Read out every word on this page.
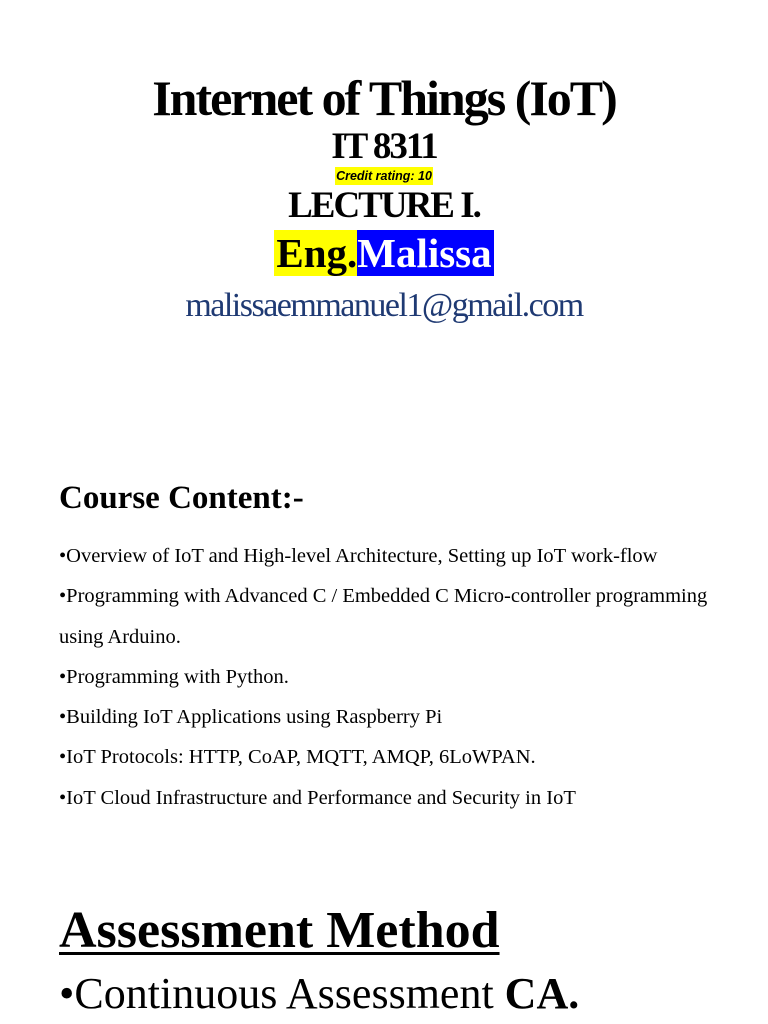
Internet of Things (IoT)
IT 8311
Credit rating: 10
LECTURE I.
Eng.Malissa
malissaemmanuel1@gmail.com
Course Content:-
•Overview of IoT and High-level Architecture, Setting up IoT work-flow
•Programming with Advanced C / Embedded C Micro-controller programming using Arduino.
•Programming with Python.
•Building IoT Applications using Raspberry Pi
•IoT Protocols: HTTP, CoAP, MQTT, AMQP, 6LoWPAN.
•IoT Cloud Infrastructure and Performance and Security in IoT
Assessment Method
•Continuous Assessment CA.
